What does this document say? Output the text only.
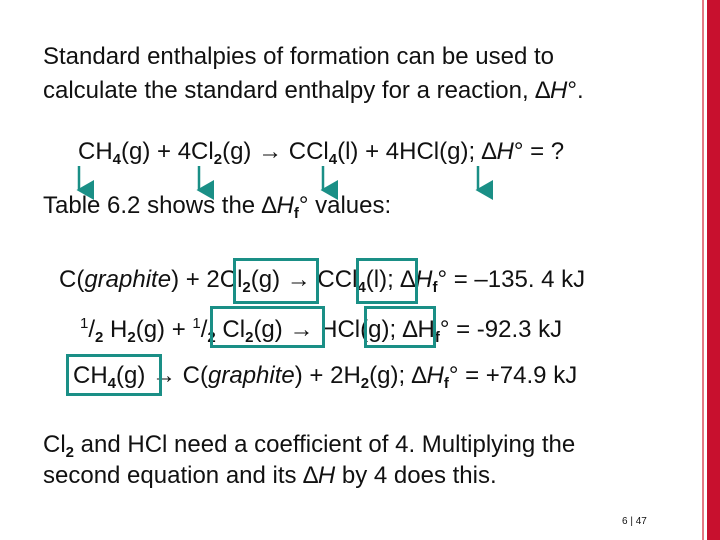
Standard enthalpies of formation can be used to
calculate the standard enthalpy for a reaction, ∆H°.
$CH_4(g) + 4Cl_2(g) \to CCl_4(l) + 4HCl(g)$; ∆H° = ?
Table 6.2 shows the $\Delta H_f^\circ$ values:
C(graphite) + $2Cl_2(g) \to CCl_4(l)$; $\Delta H_f^\circ = -135$. 4 kJ
$^1/_2$ $H_2(g) + ^1/_2$ $Cl_2(g) \to HCl(g)$; $\Delta H_f^\circ = -92.3$ kJ
$CH_4(g)$ → C(graphite) + $2H_2(g)$; $\Delta H_f^\circ = +74.9$ kJ
$Cl_2$ and HCl need a coefficient of 4. Multiplying the
second equation and its ∆H by 4 does this.
6 | 47
